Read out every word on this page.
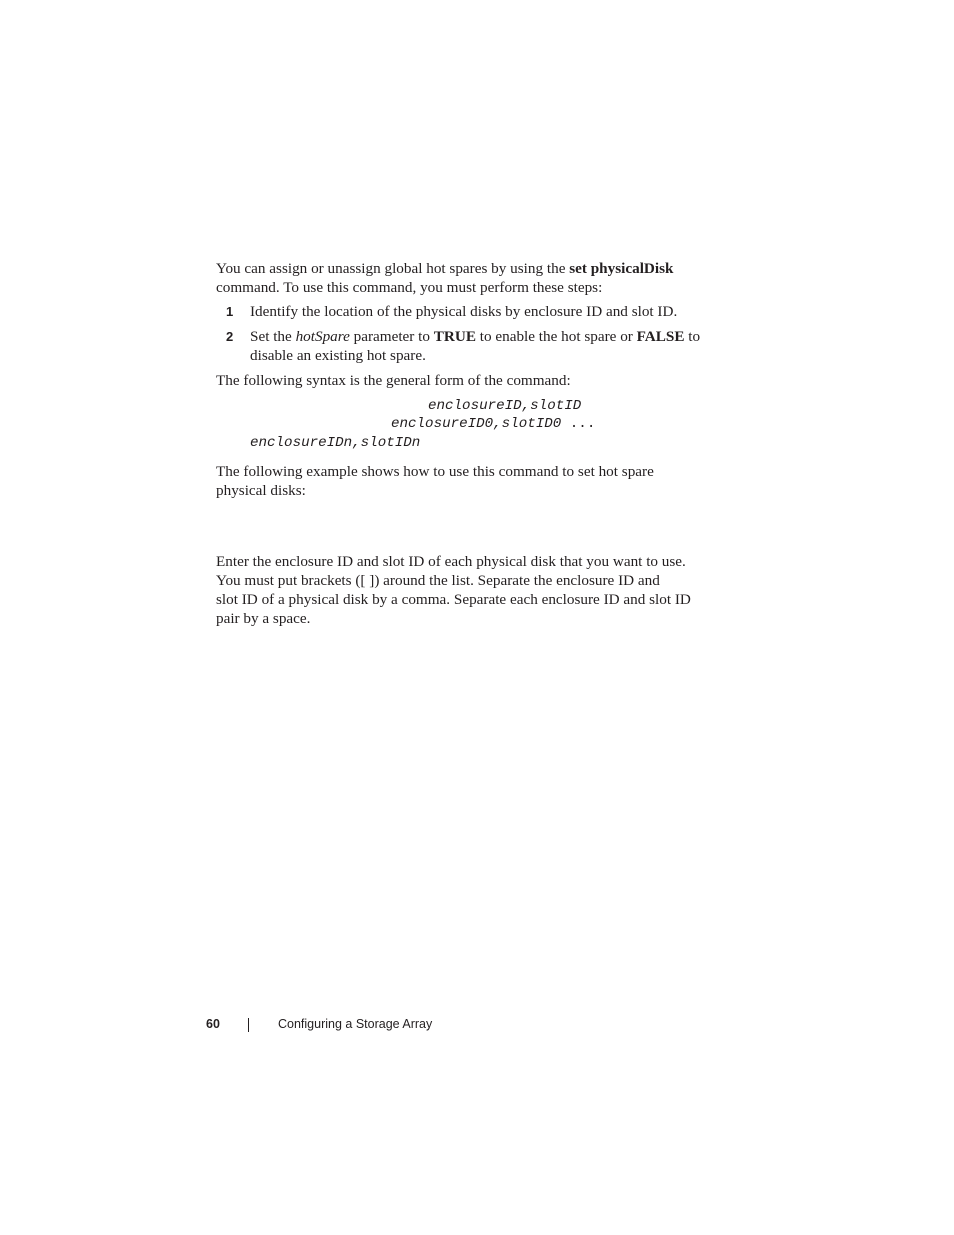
You can assign or unassign global hot spares by using the set physicalDisk
command. To use this command, you must perform these steps:

1 Identify the location of the physical disks by enclosure ID and slot ID.
2 Set the hotSpare parameter to TRUE to enable the hot spare or FALSE to
disable an existing hot spare.

The following syntax is the general form of the command:

enclosureID,slotID
enclosureID0,slotID0 ...
enclosureIDn,slotIDn

The following example shows how to use this command to set hot spare
physical disks:

Enter the enclosure ID and slot ID of each physical disk that you want to use.
You must put brackets ([ ]) around the list. Separate the enclosure ID and
slot ID of a physical disk by a comma. Separate each enclosure ID and slot ID
pair by a space.

60	Configuring a Storage Array
